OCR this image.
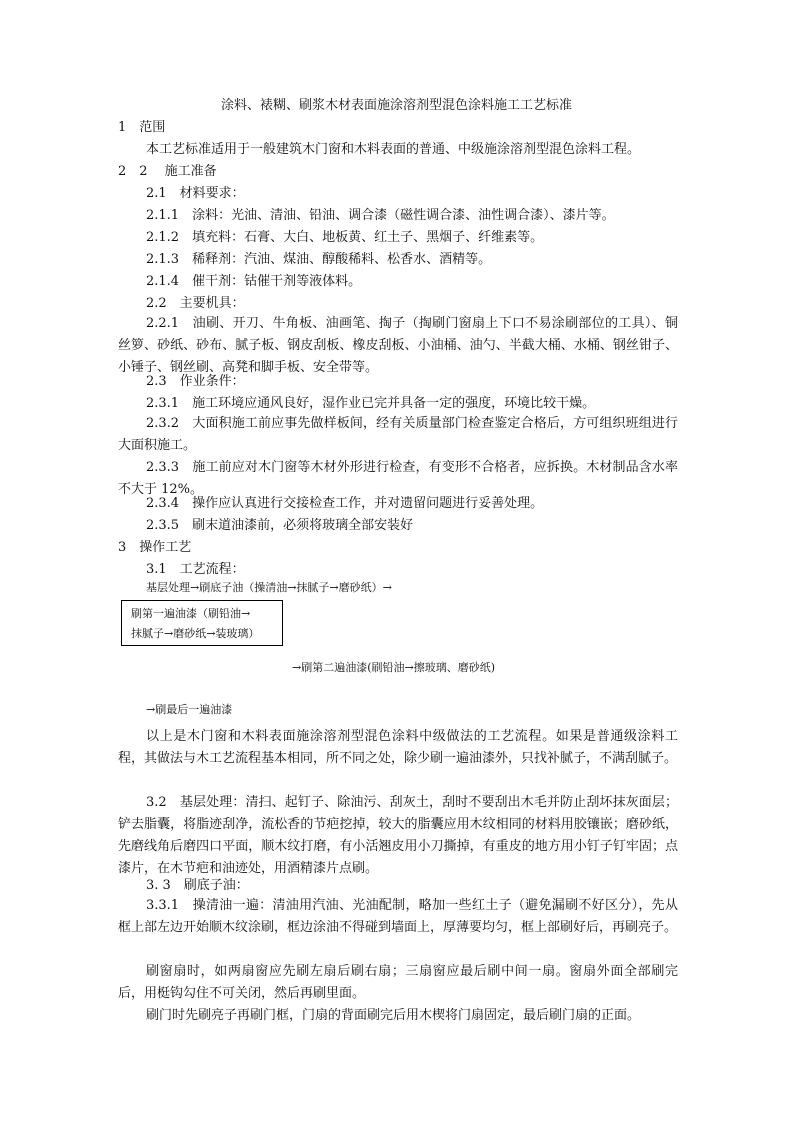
涂料、裱糊、刷浆木材表面施涂溶剂型混色涂料施工工艺标准
1　范围
本工艺标准适用于一般建筑木门窗和木料表面的普通、中级施涂溶剂型混色涂料工程。
2　2　 施工准备
2.1　材料要求：
2.1.1　涂料：光油、清油、铅油、调合漆（磁性调合漆、油性调合漆）、漆片等。
2.1.2　填充料：石膏、大白、地板黄、红土子、黑烟子、纤维素等。
2.1.3　稀释剂：汽油、煤油、醇酸稀料、松香水、酒精等。
2.1.4　催干剂：钴催干剂等液体料。
2.2　主要机具：
2.2.1　油刷、开刀、牛角板、油画笔、掏子（掏刷门窗扇上下口不易涂刷部位的工具）、铜丝箩、砂纸、砂布、腻子板、钢皮刮板、橡皮刮板、小油桶、油勺、半截大桶、水桶、钢丝钳子、小锤子、钢丝刷、高凳和脚手板、安全带等。
2.3　作业条件：
2.3.1　施工环境应通风良好，湿作业已完并具备一定的强度，环境比较干燥。
2.3.2　大面积施工前应事先做样板间，经有关质量部门检查鉴定合格后，方可组织班组进行大面积施工。
2.3.3　施工前应对木门窗等木材外形进行检查，有变形不合格者，应拆换。木材制品含水率不大于 12%。
2.3.4　操作应认真进行交接检查工作，并对遗留问题进行妥善处理。
2.3.5　刷末道油漆前，必须将玻璃全部安装好
3　操作工艺
3.1　工艺流程：
基层处理→刷底子油（操清油→抹腻子→磨砂纸）→
刷第一遍油漆（刷铅油→
抹腻子→磨砂纸→装玻璃）
→刷第二遍油漆(刷铅油→擦玻璃、磨砂纸)
→刷最后一遍油漆
以上是木门窗和木料表面施涂溶剂型混色涂料中级做法的工艺流程。如果是普通级涂料工程，其做法与木工艺流程基本相同，所不同之处，除少刷一遍油漆外，只找补腻子，不满刮腻子。
3.2　基层处理：清扫、起钉子、除油污、刮灰土，刮时不要刮出木毛并防止刮坏抹灰面层；铲去脂囊，将脂迹刮净，流松香的节疤挖掉，较大的脂囊应用木纹相同的材料用胶镶嵌；磨砂纸，先磨线角后磨四口平面，顺木纹打磨，有小活翘皮用小刀撕掉，有重皮的地方用小钉子钉牢固；点漆片，在木节疤和油迹处，用酒精漆片点刷。
3. 3　刷底子油：
3.3.1　操清油一遍：清油用汽油、光油配制，略加一些红土子（避免漏刷不好区分），先从框上部左边开始顺木纹涂刷，框边涂油不得碰到墙面上，厚薄要均匀，框上部刷好后，再刷亮子。
刷窗扇时，如两扇窗应先刷左扇后刷右扇；三扇窗应最后刷中间一扇。窗扇外面全部刷完后，用梃钩勾住不可关闭，然后再刷里面。
刷门时先刷亮子再刷门框，门扇的背面刷完后用木楔将门扇固定，最后刷门扇的正面。
